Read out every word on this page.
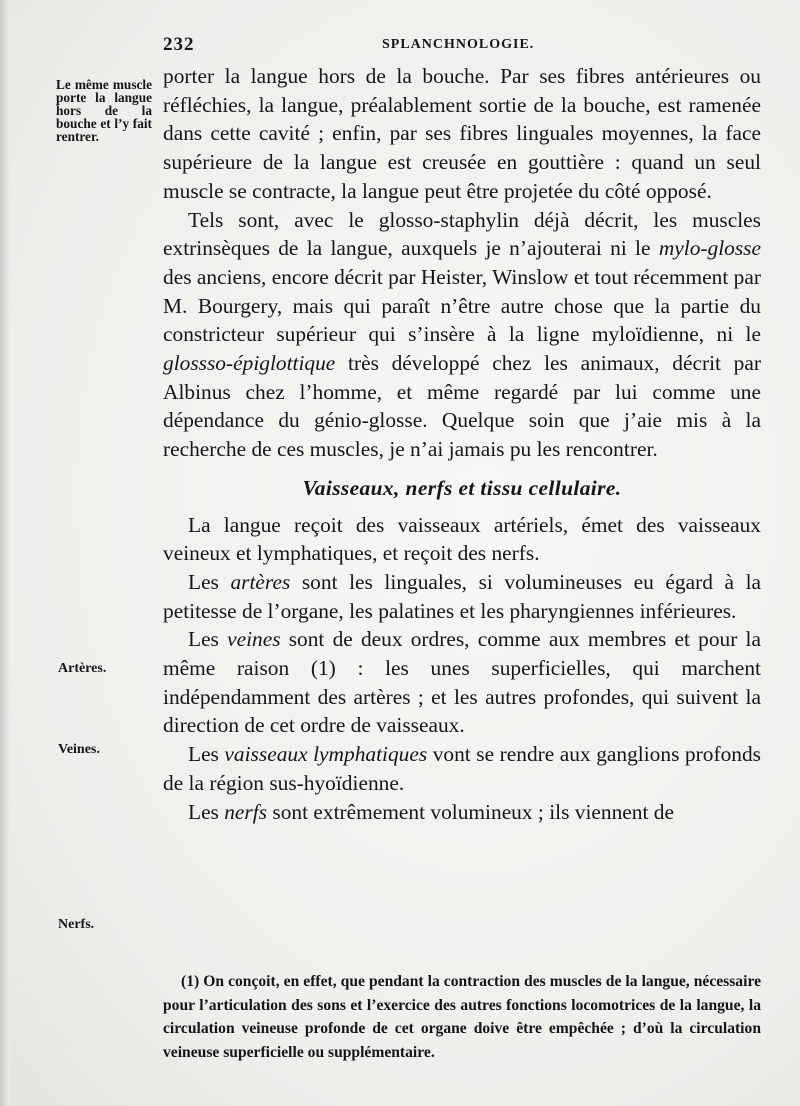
232	SPLANCHNOLOGIE.
Le même muscle porte la langue hors de la bouche et l’y fait rentrer.
Artères.
Veines.
Nerfs.

porter la langue hors de la bouche. Par ses fibres antérieures ou réfléchies, la langue, préalablement sortie de la bouche, est ramenée dans cette cavité ; enfin, par ses fibres linguales moyennes, la face supérieure de la langue est creusée en gouttière : quand un seul muscle se contracte, la langue peut être projetée du côté opposé.

Tels sont, avec le glosso-staphylin déjà décrit, les muscles extrinsèques de la langue, auxquels je n’ajouterai ni le mylo-glosse des anciens, encore décrit par Heister, Winslow et tout récemment par M. Bourgery, mais qui paraît n’être autre chose que la partie du constricteur supérieur qui s’insère à la ligne myloïdienne, ni le glossso-épiglottique très développé chez les animaux, décrit par Albinus chez l’homme, et même regardé par lui comme une dépendance du génio-glosse. Quelque soin que j’aie mis à la recherche de ces muscles, je n’ai jamais pu les rencontrer.

Vaisseaux, nerfs et tissu cellulaire.

La langue reçoit des vaisseaux artériels, émet des vaisseaux veineux et lymphatiques, et reçoit des nerfs.

Les artères sont les linguales, si volumineuses eu égard à la petitesse de l’organe, les palatines et les pharyngiennes inférieures.

Les veines sont de deux ordres, comme aux membres et pour la même raison (1) : les unes superficielles, qui marchent indépendamment des artères ; et les autres profondes, qui suivent la direction de cet ordre de vaisseaux.

Les vaisseaux lymphatiques vont se rendre aux ganglions profonds de la région sus-hyoïdienne.

Les nerfs sont extrêmement volumineux ; ils viennent de

(1) On conçoit, en effet, que pendant la contraction des muscles de la langue, nécessaire pour l’articulation des sons et l’exercice des autres fonctions locomotrices de la langue, la circulation veineuse profonde de cet organe doive être empêchée ; d’où la circulation veineuse superficielle ou supplémentaire.
